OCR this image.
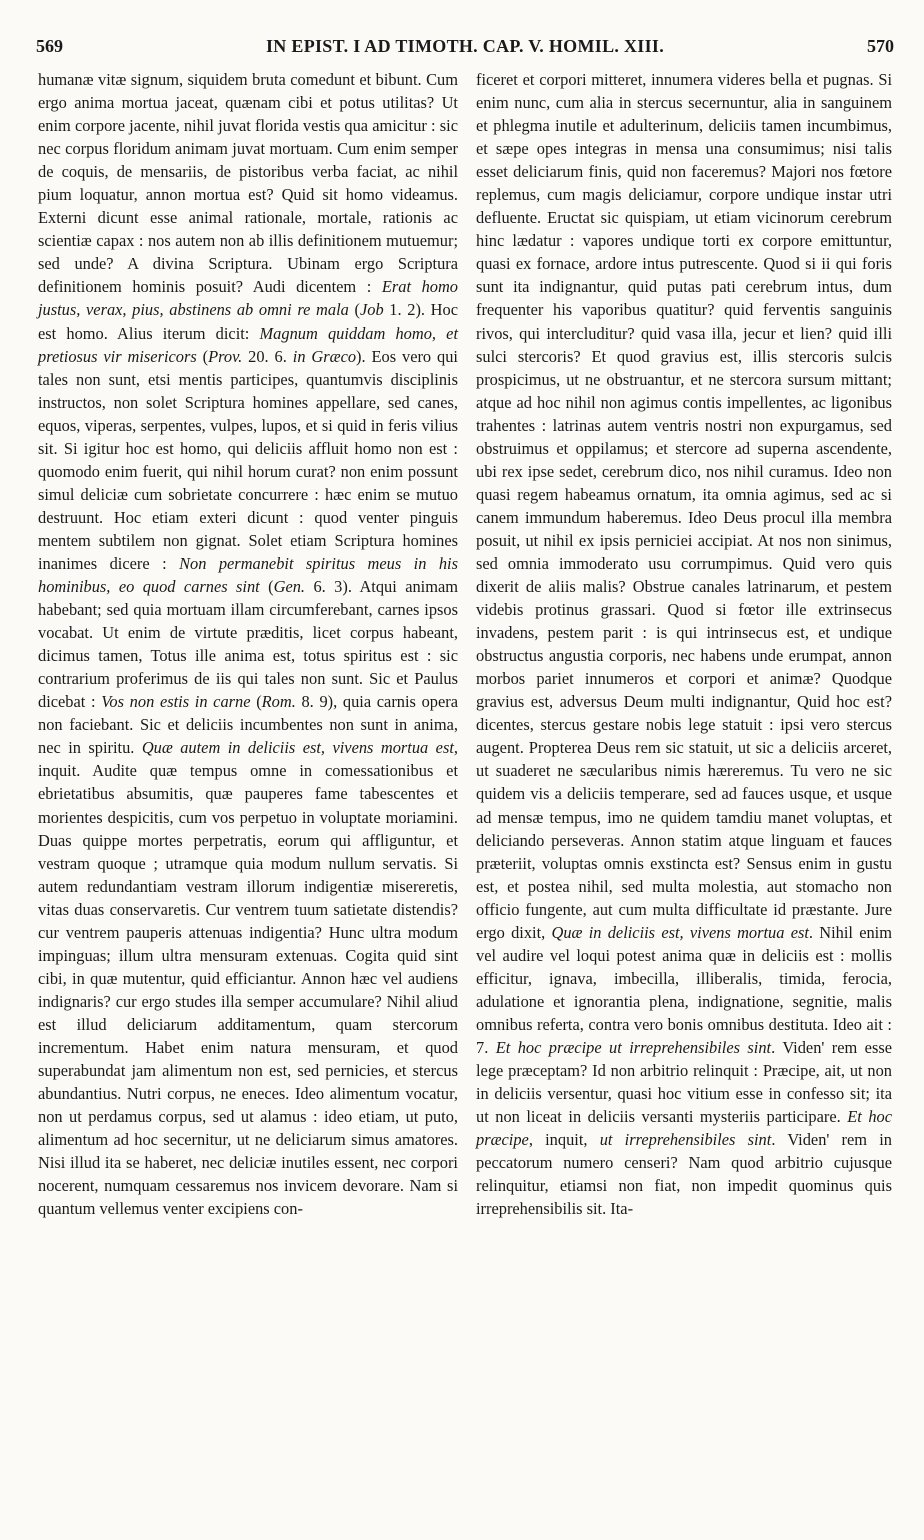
569	IN EPIST. I AD TIMOTH. CAP. V. HOMIL. XIII.	570

humanæ vitæ signum, siquidem bruta comedunt et bibunt. Cum ergo anima mortua jaceat, quænam cibi et potus utilitas? Ut enim corpore jacente, nihil juvat florida vestis qua amicitur : sic nec corpus floridum animam juvat mortuam. Cum enim semper de coquis, de mensariis, de pistoribus verba faciat, ac nihil pium loquatur, annon mortua est? Quid sit homo videamus. Externi dicunt esse animal rationale, mortale, rationis ac scientiæ capax : nos autem non ab illis definitionem mutuemur; sed unde? A divina Scriptura. Ubinam ergo Scriptura definitionem hominis posuit? Audi dicentem : Erat homo justus, verax, pius, abstinens ab omni re mala (Job 1. 2). Hoc est homo. Alius iterum dicit: Magnum quiddam homo, et pretiosus vir misericors (Prov. 20. 6. in Græco). Eos vero qui tales non sunt, etsi mentis participes, quantumvis disciplinis instructos, non solet Scriptura homines appellare, sed canes, equos, viperas, serpentes, vulpes, lupos, et si quid in feris vilius sit. Si igitur hoc est homo, qui deliciis affluit homo non est : quomodo enim fuerit, qui nihil horum curat? non enim possunt simul deliciæ cum sobrietate concurrere : hæc enim se mutuo destruunt. Hoc etiam exteri dicunt : quod venter pinguis mentem subtilem non gignat. Solet etiam Scriptura homines inanimes dicere : Non permanebit spiritus meus in his hominibus, eo quod carnes sint (Gen. 6. 3). Atqui animam habebant; sed quia mortuam illam circumferebant, carnes ipsos vocabat. Ut enim de virtute præditis, licet corpus habeant, dicimus tamen, Totus ille anima est, totus spiritus est : sic contrarium proferimus de iis qui tales non sunt. Sic et Paulus dicebat : Vos non estis in carne (Rom. 8. 9), quia carnis opera non faciebant. Sic et deliciis incumbentes non sunt in anima, nec in spiritu. Quæ autem in deliciis est, vivens mortua est, inquit. Audite quæ tempus omne in comessationibus et ebrietatibus absumitis, quæ pauperes fame tabescentes et morientes despicitis, cum vos perpetuo in voluptate moriamini. Duas quippe mortes perpetratis, eorum qui affliguntur, et vestram quoque ; utramque quia modum nullum servatis. Si autem redundantiam vestram illorum indigentiæ misereretis, vitas duas conservaretis. Cur ventrem tuum satietate distendis? cur ventrem pauperis attenuas indigentia? Hunc ultra modum impinguas; illum ultra mensuram extenuas. Cogita quid sint cibi, in quæ mutentur, quid efficiantur. Annon hæc vel audiens indignaris? cur ergo studes illa semper accumulare? Nihil aliud est illud deliciarum additamentum, quam stercorum incrementum. Habet enim natura mensuram, et quod superabundat jam alimentum non est, sed pernicies, et stercus abundantius. Nutri corpus, ne eneces. Ideo alimentum vocatur, non ut perdamus corpus, sed ut alamus : ideo etiam, ut puto, alimentum ad hoc secernitur, ut ne deliciarum simus amatores. Nisi illud ita se haberet, nec deliciæ inutiles essent, nec corpori nocerent, numquam cessaremus nos invicem devorare. Nam si quantum vellemus venter excipiens con-

ficeret et corpori mitteret, innumera videres bella et pugnas. Si enim nunc, cum alia in stercus secernuntur, alia in sanguinem et phlegma inutile et adulterinum, deliciis tamen incumbimus, et sæpe opes integras in mensa una consumimus; nisi talis esset deliciarum finis, quid non faceremus? Majori nos fœtore replemus, cum magis deliciamur, corpore undique instar utri defluente. Eructat sic quispiam, ut etiam vicinorum cerebrum hinc lædatur : vapores undique torti ex corpore emittuntur, quasi ex fornace, ardore intus putrescente. Quod si ii qui foris sunt ita indignantur, quid putas pati cerebrum intus, dum frequenter his vaporibus quatitur? quid ferventis sanguinis rivos, qui intercluditur? quid vasa illa, jecur et lien? quid illi sulci stercoris? Et quod gravius est, illis stercoris sulcis prospicimus, ut ne obstruantur, et ne stercora sursum mittant; atque ad hoc nihil non agimus contis impellentes, ac ligonibus trahentes : latrinas autem ventris nostri non expurgamus, sed obstruimus et oppilamus; et stercore ad superna ascendente, ubi rex ipse sedet, cerebrum dico, nos nihil curamus. Ideo non quasi regem habeamus ornatum, ita omnia agimus, sed ac si canem immundum haberemus. Ideo Deus procul illa membra posuit, ut nihil ex ipsis perniciei accipiat. At nos non sinimus, sed omnia immoderato usu corrumpimus. Quid vero quis dixerit de aliis malis? Obstrue canales latrinarum, et pestem videbis protinus grassari. Quod si fœtor ille extrinsecus invadens, pestem parit : is qui intrinsecus est, et undique obstructus angustia corporis, nec habens unde erumpat, annon morbos pariet innumeros et corpori et animæ? Quodque gravius est, adversus Deum multi indignantur, Quid hoc est? dicentes, stercus gestare nobis lege statuit : ipsi vero stercus augent. Propterea Deus rem sic statuit, ut sic a deliciis arceret, ut suaderet ne sæcularibus nimis hærеremus. Tu vero ne sic quidem vis a deliciis temperare, sed ad fauces usque, et usque ad mensæ tempus, imo ne quidem tamdiu manet voluptas, et deliciando perseveras. Annon statim atque linguam et fauces præteriit, voluptas omnis exstincta est? Sensus enim in gustu est, et postea nihil, sed multa molestia, aut stomacho non officio fungente, aut cum multa difficultate id præstante. Jure ergo dixit, Quæ in deliciis est, vivens mortua est. Nihil enim vel audire vel loqui potest anima quæ in deliciis est : mollis efficitur, ignava, imbecilla, illiberalis, timida, ferocia, adulatione et ignorantia plena, indignatione, segnitie, malis omnibus referta, contra vero bonis omnibus destituta. Ideo ait : 7. Et hoc præcipe ut irreprehensibiles sint. Viden' rem esse lege præceptam? Id non arbitrio relinquit : Præcipe, ait, ut non in deliciis versentur, quasi hoc vitium esse in confesso sit; ita ut non liceat in deliciis versanti mysteriis participare. Et hoc præcipe, inquit, ut irreprehensibiles sint. Viden' rem in peccatorum numero censeri? Nam quod arbitrio cujusque relinquitur, etiamsi non fiat, non impedit quominus quis irreprehensibilis sit. Ita-
